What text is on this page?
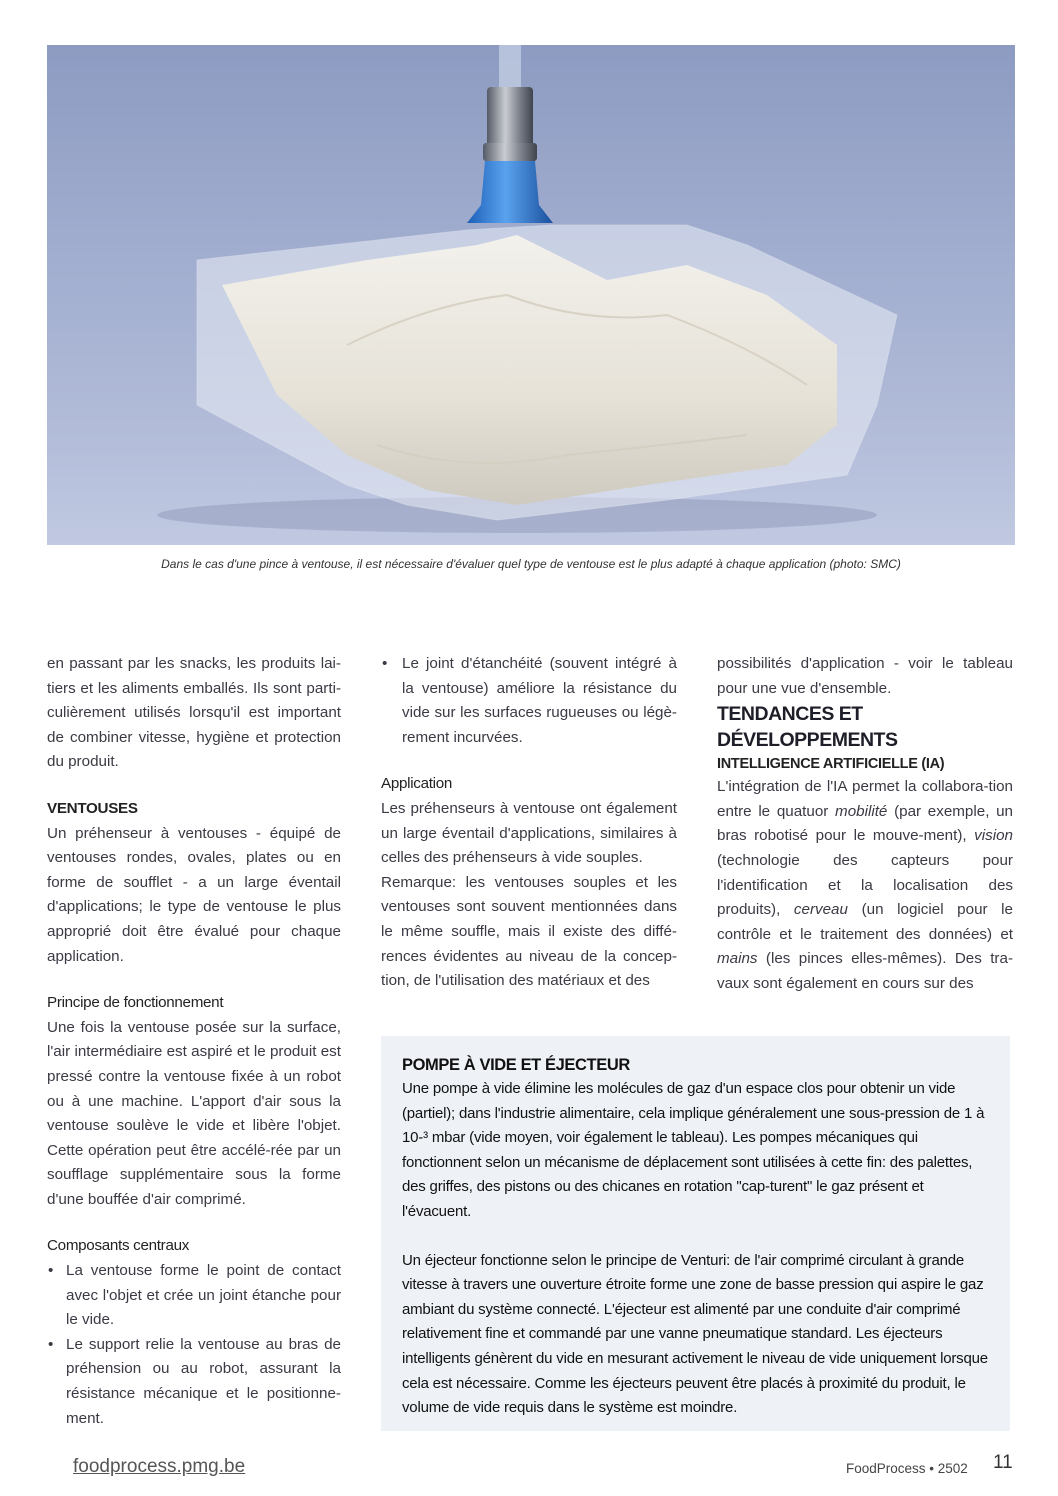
Dans le cas d'une pince à ventouse, il est nécessaire d'évaluer quel type de ventouse est le plus adapté à chaque application (photo: SMC)

en passant par les snacks, les produits lai-tiers et les aliments emballés. Ils sont parti-culièrement utilisés lorsqu'il est important de combiner vitesse, hygiène et protection du produit.

VENTOUSES

Un préhenseur à ventouses - équipé de ventouses rondes, ovales, plates ou en forme de soufflet - a un large éventail d'applications; le type de ventouse le plus approprié doit être évalué pour chaque application.

Principe de fonctionnement

Une fois la ventouse posée sur la surface, l'air intermédiaire est aspiré et le produit est pressé contre la ventouse fixée à un robot ou à une machine. L'apport d'air sous la ventouse soulève le vide et libère l'objet. Cette opération peut être accélé-rée par un soufflage supplémentaire sous la forme d'une bouffée d'air comprimé.

Composants centraux

• La ventouse forme le point de contact avec l'objet et crée un joint étanche pour le vide.
• Le support relie la ventouse au bras de préhension ou au robot, assurant la résistance mécanique et le positionne-ment.
• Le joint d'étanchéité (souvent intégré à la ventouse) améliore la résistance du vide sur les surfaces rugueuses ou légè-rement incurvées.

Application

Les préhenseurs à ventouse ont également un large éventail d'applications, similaires à celles des préhenseurs à vide souples.

Remarque: les ventouses souples et les ventouses sont souvent mentionnées dans le même souffle, mais il existe des diffé-rences évidentes au niveau de la concep-tion, de l'utilisation des matériaux et des

possibilités d'application - voir le tableau pour une vue d'ensemble.

TENDANCES ET DÉVELOPPEMENTS

INTELLIGENCE ARTIFICIELLE (IA)

L'intégration de l'IA permet la collabora-tion entre le quatuor mobilité (par exemple, un bras robotisé pour le mouve-ment), vision (technologie des capteurs pour l'identification et la localisation des produits), cerveau (un logiciel pour le contrôle et le traitement des données) et mains (les pinces elles-mêmes). Des tra-vaux sont également en cours sur des

POMPE À VIDE ET ÉJECTEUR

Une pompe à vide élimine les molécules de gaz d'un espace clos pour obtenir un vide (partiel); dans l'industrie alimentaire, cela implique généralement une sous-pression de 1 à 10-³ mbar (vide moyen, voir également le tableau). Les pompes mécaniques qui fonctionnent selon un mécanisme de déplacement sont utilisées à cette fin: des palettes, des griffes, des pistons ou des chicanes en rotation "cap-turent" le gaz présent et l'évacuent.

Un éjecteur fonctionne selon le principe de Venturi: de l'air comprimé circulant à grande vitesse à travers une ouverture étroite forme une zone de basse pression qui aspire le gaz ambiant du système connecté. L'éjecteur est alimenté par une conduite d'air comprimé relativement fine et commandé par une vanne pneumatique standard. Les éjecteurs intelligents génèrent du vide en mesurant activement le niveau de vide uniquement lorsque cela est nécessaire. Comme les éjecteurs peuvent être placés à proximité du produit, le volume de vide requis dans le système est moindre.

foodprocess.pmg.be	FoodProcess • 2502 11
